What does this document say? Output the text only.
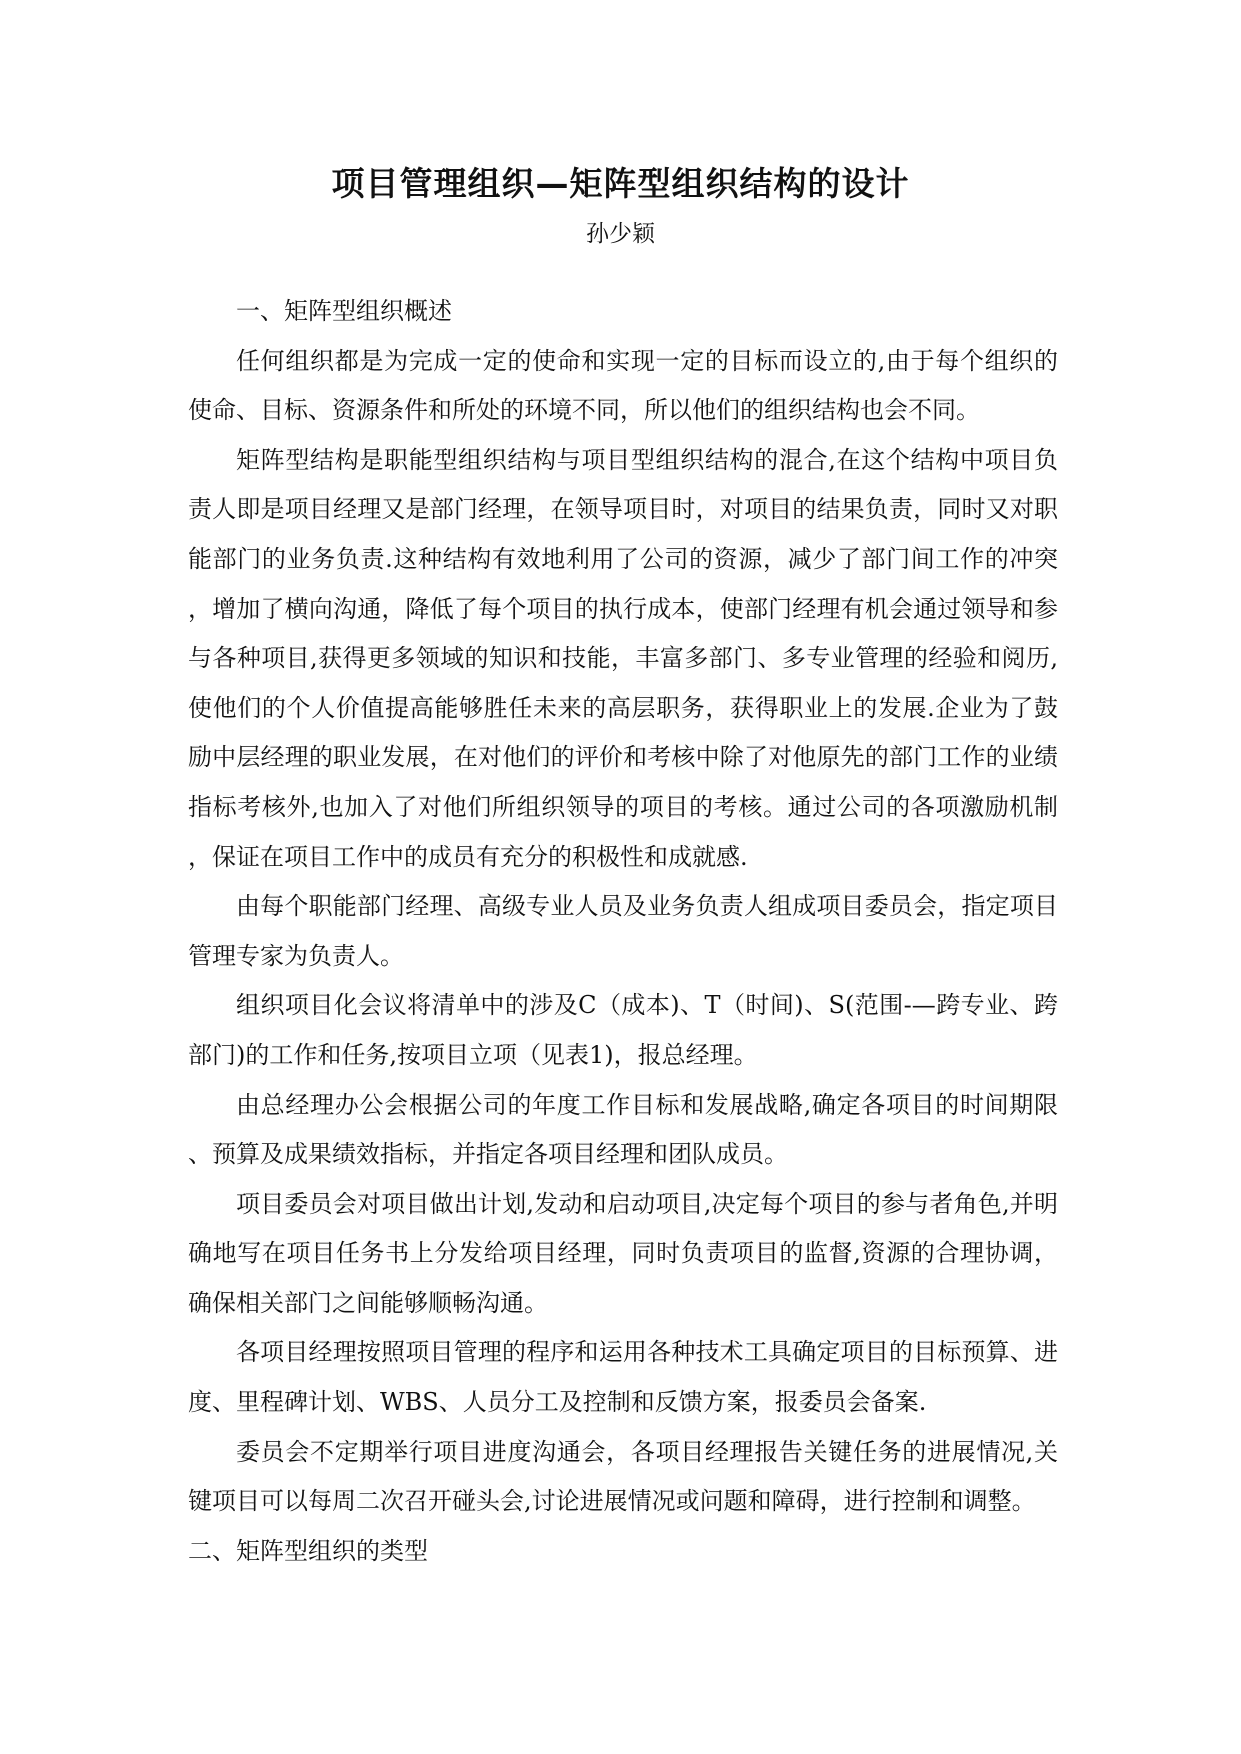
项目管理组织—矩阵型组织结构的设计
孙少颖

一、矩阵型组织概述

任何组织都是为完成一定的使命和实现一定的目标而设立的,由于每个组织的使命、目标、资源条件和所处的环境不同，所以他们的组织结构也会不同。

矩阵型结构是职能型组织结构与项目型组织结构的混合,在这个结构中项目负责人即是项目经理又是部门经理，在领导项目时，对项目的结果负责，同时又对职能部门的业务负责.这种结构有效地利用了公司的资源，减少了部门间工作的冲突，增加了横向沟通，降低了每个项目的执行成本，使部门经理有机会通过领导和参与各种项目,获得更多领域的知识和技能，丰富多部门、多专业管理的经验和阅历,使他们的个人价值提高能够胜任未来的高层职务，获得职业上的发展.企业为了鼓励中层经理的职业发展，在对他们的评价和考核中除了对他原先的部门工作的业绩指标考核外,也加入了对他们所组织领导的项目的考核。通过公司的各项激励机制，保证在项目工作中的成员有充分的积极性和成就感.

由每个职能部门经理、高级专业人员及业务负责人组成项目委员会，指定项目管理专家为负责人。

组织项目化会议将清单中的涉及C（成本)、T（时间)、S(范围-—跨专业、跨部门)的工作和任务,按项目立项（见表1)，报总经理。

由总经理办公会根据公司的年度工作目标和发展战略,确定各项目的时间期限、预算及成果绩效指标，并指定各项目经理和团队成员。

项目委员会对项目做出计划,发动和启动项目,决定每个项目的参与者角色,并明确地写在项目任务书上分发给项目经理，同时负责项目的监督,资源的合理协调，确保相关部门之间能够顺畅沟通。

各项目经理按照项目管理的程序和运用各种技术工具确定项目的目标预算、进度、里程碑计划、WBS、人员分工及控制和反馈方案，报委员会备案.

委员会不定期举行项目进度沟通会，各项目经理报告关键任务的进展情况,关键项目可以每周二次召开碰头会,讨论进展情况或问题和障碍，进行控制和调整。

二、矩阵型组织的类型
